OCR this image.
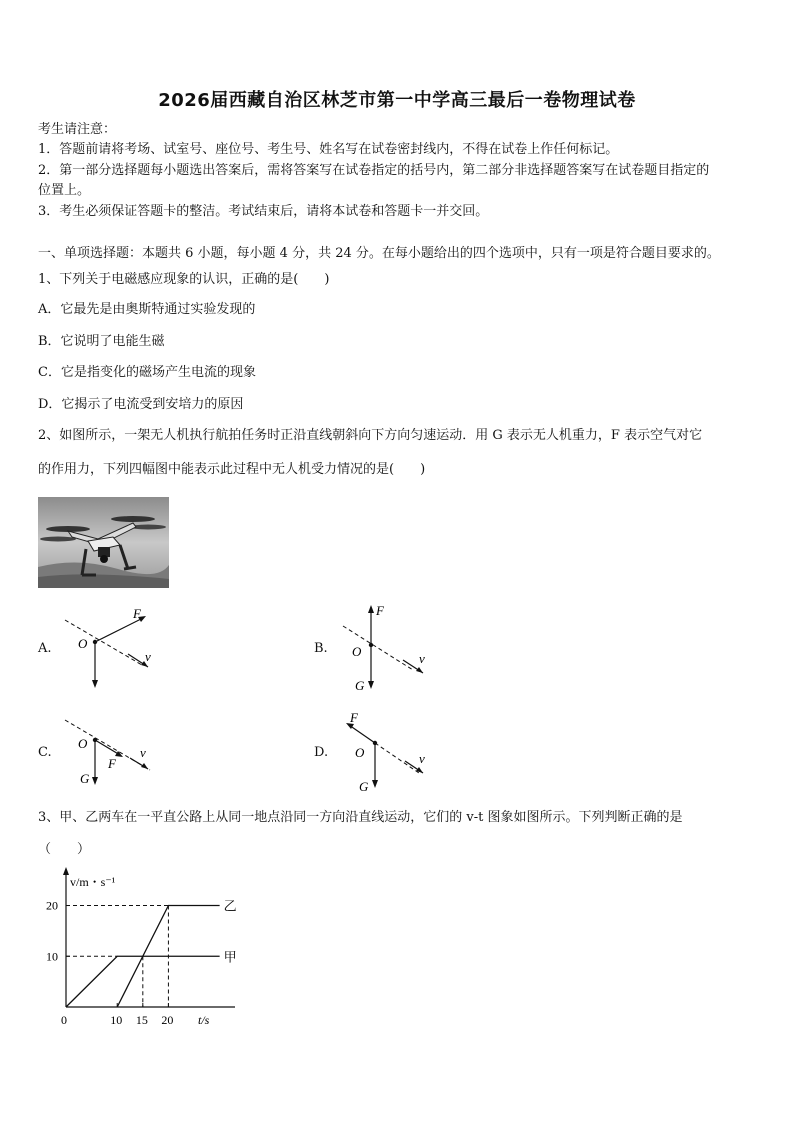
2026届西藏自治区林芝市第一中学高三最后一卷物理试卷
考生请注意：
1．答题前请将考场、试室号、座位号、考生号、姓名写在试卷密封线内，不得在试卷上作任何标记。
2．第一部分选择题每小题选出答案后，需将答案写在试卷指定的括号内，第二部分非选择题答案写在试卷题目指定的
位置上。
3．考生必须保证答题卡的整洁。考试结束后，请将本试卷和答题卡一并交回。
一、单项选择题：本题共 6 小题，每小题 4 分，共 24 分。在每小题给出的四个选项中，只有一项是符合题目要求的。
1、下列关于电磁感应现象的认识，正确的是(　　)
A．它最先是由奥斯特通过实验发现的
B．它说明了电能生磁
C．它是指变化的磁场产生电流的现象
D．它揭示了电流受到安培力的原因
2、如图所示，一架无人机执行航拍任务时正沿直线朝斜向下方向匀速运动．用 G 表示无人机重力，F 表示空气对它
的作用力，下列四幅图中能表示此过程中无人机受力情况的是(　　)
A. O
F
v
B.
F
O	v
G
C.
O
F
v
G
D.
F
O	v
G
3、甲、乙两车在一平直公路上从同一地点沿同一方向沿直线运动，它们的 v-t 图象如图所示。下列判断正确的是
（　　）
v/m・s⁻¹
t/s
0	10 15 20
10
20
甲
乙
